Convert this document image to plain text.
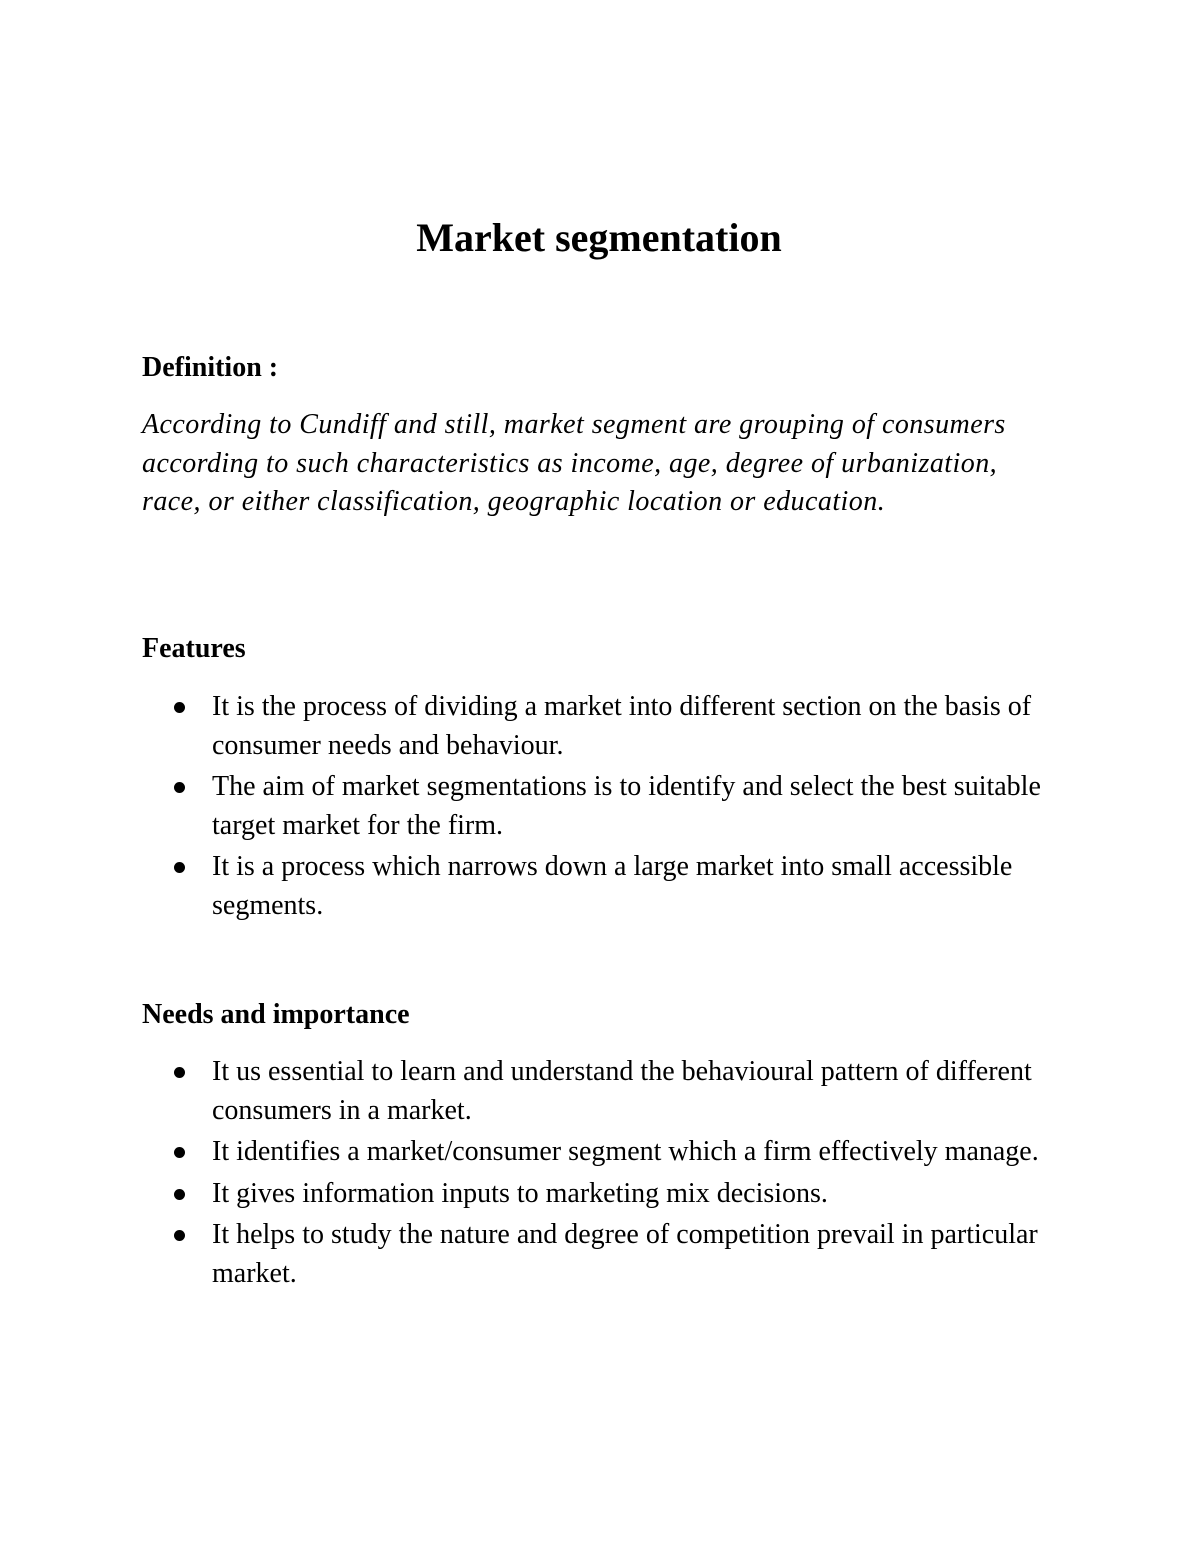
Market segmentation
Definition :

According to Cundiff and still, market segment are grouping of consumers according to such characteristics as income, age, degree of urbanization, race, or either classification, geographic location or education.

Features
It is the process of dividing a market into different section on the basis of consumer needs and behaviour.
The aim of market segmentations is to identify and select the best suitable target market for the firm.
It is a process which narrows down a large market into small accessible segments.
Needs and importance
It us essential to learn and understand the behavioural pattern of different consumers in a market.
It identifies a market/consumer segment which a firm effectively manage.
It gives information inputs to marketing mix decisions.
It helps to study the nature and degree of competition prevail in particular market.
